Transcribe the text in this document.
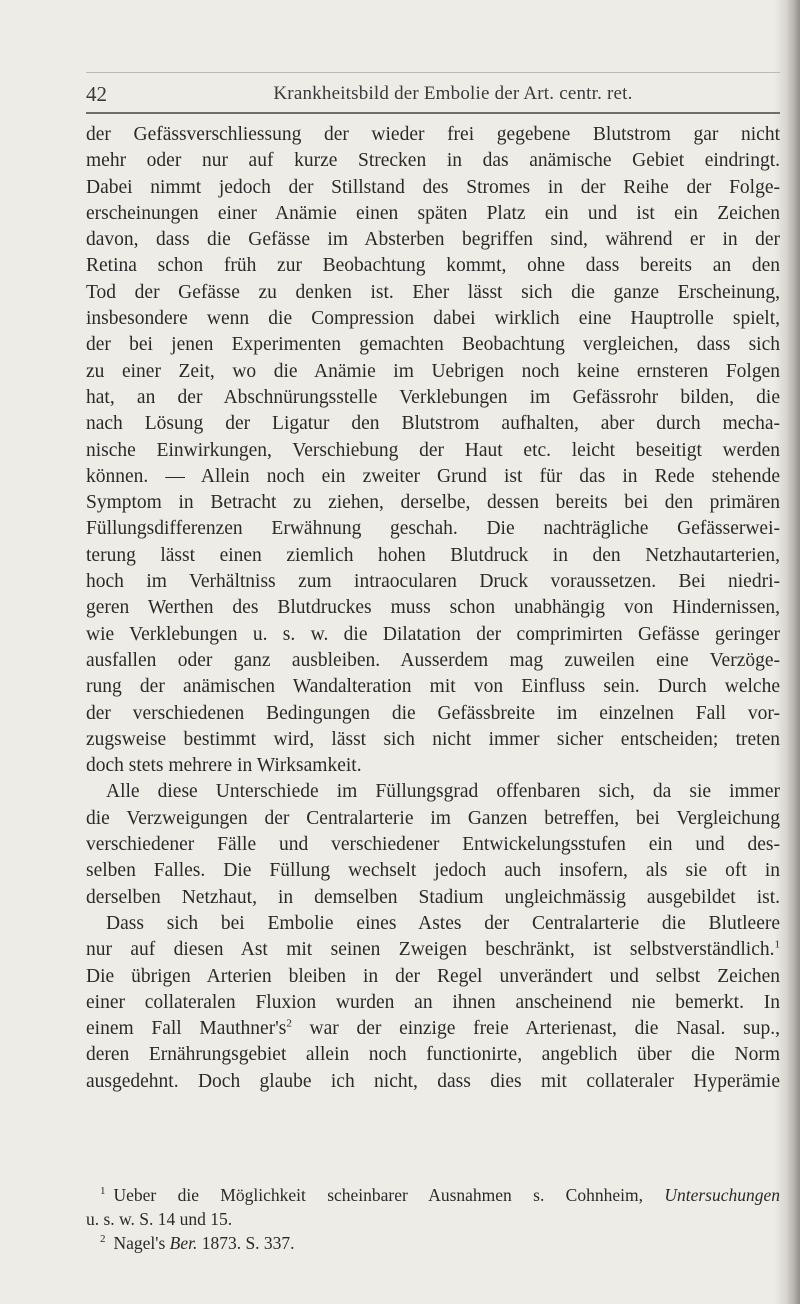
42	Krankheitsbild der Embolie der Art. centr. ret.
der Gefässverschliessung der wieder frei gegebene Blutstrom gar nicht
mehr oder nur auf kurze Strecken in das anämische Gebiet eindringt.
Dabei nimmt jedoch der Stillstand des Stromes in der Reihe der Folge-
erscheinungen einer Anämie einen späten Platz ein und ist ein Zeichen
davon, dass die Gefässe im Absterben begriffen sind, während er in der
Retina schon früh zur Beobachtung kommt, ohne dass bereits an den
Tod der Gefässe zu denken ist. Eher lässt sich die ganze Erscheinung,
insbesondere wenn die Compression dabei wirklich eine Hauptrolle spielt,
der bei jenen Experimenten gemachten Beobachtung vergleichen, dass sich
zu einer Zeit, wo die Anämie im Uebrigen noch keine ernsteren Folgen
hat, an der Abschnürungsstelle Verklebungen im Gefässrohr bilden, die
nach Lösung der Ligatur den Blutstrom aufhalten, aber durch mecha-
nische Einwirkungen, Verschiebung der Haut etc. leicht beseitigt werden
können. — Allein noch ein zweiter Grund ist für das in Rede stehende
Symptom in Betracht zu ziehen, derselbe, dessen bereits bei den primären
Füllungsdifferenzen Erwähnung geschah. Die nachträgliche Gefässerwei-
terung lässt einen ziemlich hohen Blutdruck in den Netzhautarterien,
hoch im Verhältniss zum intraocularen Druck voraussetzen. Bei niedri-
geren Werthen des Blutdruckes muss schon unabhängig von Hindernissen,
wie Verklebungen u. s. w. die Dilatation der comprimirten Gefässe geringer
ausfallen oder ganz ausbleiben. Ausserdem mag zuweilen eine Verzöge-
rung der anämischen Wandalteration mit von Einfluss sein. Durch welche
der verschiedenen Bedingungen die Gefässbreite im einzelnen Fall vor-
zugsweise bestimmt wird, lässt sich nicht immer sicher entscheiden; treten
doch stets mehrere in Wirksamkeit.
Alle diese Unterschiede im Füllungsgrad offenbaren sich, da sie immer
die Verzweigungen der Centralarterie im Ganzen betreffen, bei Vergleichung
verschiedener Fälle und verschiedener Entwickelungsstufen ein und des-
selben Falles. Die Füllung wechselt jedoch auch insofern, als sie oft in
derselben Netzhaut, in demselben Stadium ungleichmässig ausgebildet ist.
Dass sich bei Embolie eines Astes der Centralarterie die Blutleere
nur auf diesen Ast mit seinen Zweigen beschränkt, ist selbstverständlich.$^1$
Die übrigen Arterien bleiben in der Regel unverändert und selbst Zeichen
einer collateralen Fluxion wurden an ihnen anscheinend nie bemerkt. In
einem Fall Mauthner's$^2$ war der einzige freie Arterienast, die Nasal. sup.,
deren Ernährungsgebiet allein noch functionirte, angeblich über die Norm
ausgedehnt. Doch glaube ich nicht, dass dies mit collateraler Hyperämie
$^1$ Ueber die Möglichkeit scheinbarer Ausnahmen s. Cohnheim, Untersuchungen
u. s. w. S. 14 und 15.
$^2$ Nagel's Ber. 1873. S. 337.
